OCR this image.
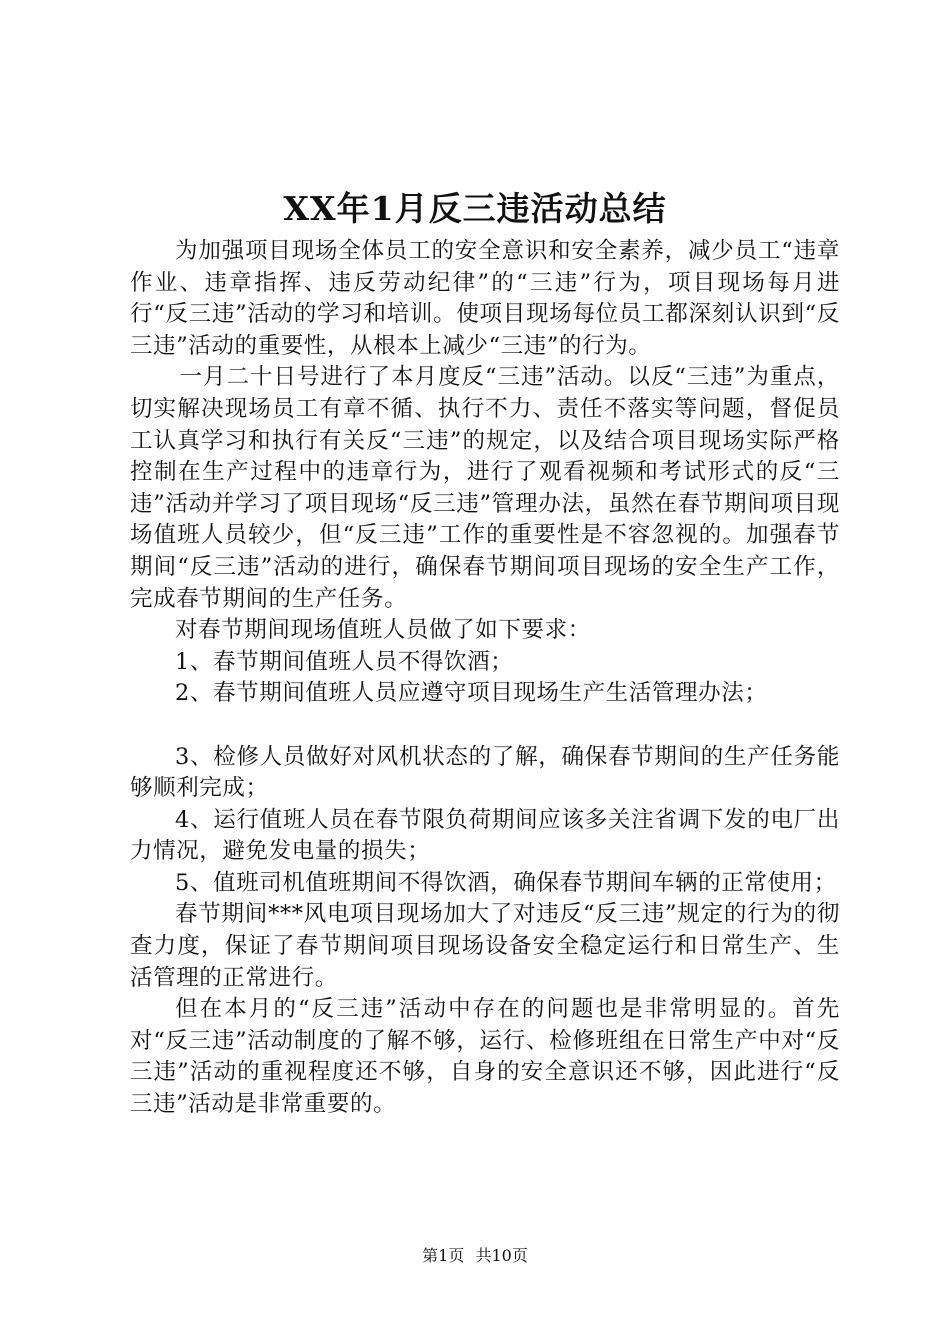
XX年1月反三违活动总结

为加强项目现场全体员工的安全意识和安全素养，减少员工“违章作业、违章指挥、违反劳动纪律”的“三违”行为，项目现场每月进行“反三违”活动的学习和培训。使项目现场每位员工都深刻认识到“反三违”活动的重要性，从根本上减少“三违”的行为。

一月二十日号进行了本月度反“三违”活动。以反“三违”为重点，切实解决现场员工有章不循、执行不力、责任不落实等问题，督促员工认真学习和执行有关反“三违”的规定，以及结合项目现场实际严格控制在生产过程中的违章行为，进行了观看视频和考试形式的反“三违”活动并学习了项目现场“反三违”管理办法，虽然在春节期间项目现场值班人员较少，但“反三违”工作的重要性是不容忽视的。加强春节期间“反三违”活动的进行，确保春节期间项目现场的安全生产工作，完成春节期间的生产任务。

对春节期间现场值班人员做了如下要求：

1、春节期间值班人员不得饮酒；

2、春节期间值班人员应遵守项目现场生产生活管理办法；

3、检修人员做好对风机状态的了解，确保春节期间的生产任务能够顺利完成；

4、运行值班人员在春节限负荷期间应该多关注省调下发的电厂出力情况，避免发电量的损失；

5、值班司机值班期间不得饮酒，确保春节期间车辆的正常使用；

春节期间***风电项目现场加大了对违反“反三违”规定的行为的彻查力度，保证了春节期间项目现场设备安全稳定运行和日常生产、生活管理的正常进行。

但在本月的“反三违”活动中存在的问题也是非常明显的。首先对“反三违”活动制度的了解不够，运行、检修班组在日常生产中对“反三违”活动的重视程度还不够，自身的安全意识还不够，因此进行“反三违”活动是非常重要的。

第1页 共10页
